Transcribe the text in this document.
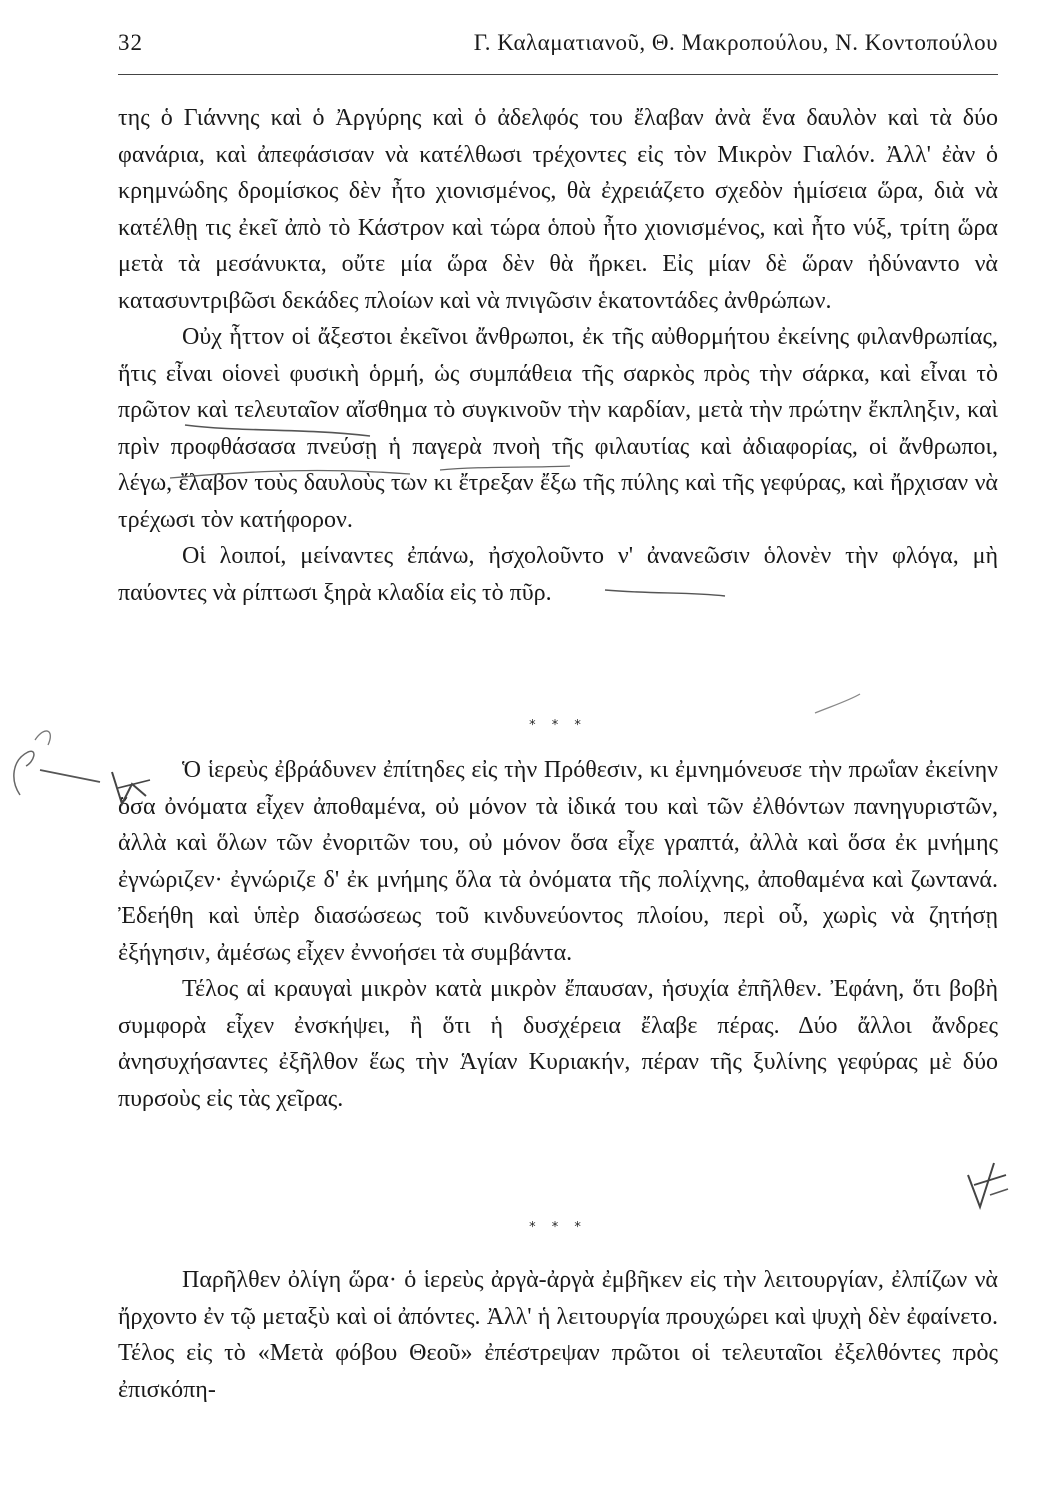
32	Γ. Καλαματιανοῦ, Θ. Μακροπούλου, Ν. Κοντοπούλου

της ὁ Γιάννης καὶ ὁ Ἀργύρης καὶ ὁ ἀδελφός του ἔλαβαν ἀνὰ ἕνα δαυλὸν καὶ τὰ δύο φανάρια, καὶ ἀπεφάσισαν νὰ κατέλθωσι τρέχοντες εἰς τὸν Μικρὸν Γιαλόν. Ἀλλ' ἐὰν ὁ κρημνώδης δρομίσκος δὲν ἦτο χιονισμένος, θὰ ἐχρειάζετο σχεδὸν ἡμίσεια ὥρα, διὰ νὰ κατέλθῃ τις ἐκεῖ ἀπὸ τὸ Κάστρον καὶ τώρα ὁποὺ ἦτο χιονισμένος, καὶ ἦτο νύξ, τρίτη ὥρα μετὰ τὰ μεσάνυκτα, οὔτε μία ὥρα δὲν θὰ ἤρκει. Εἰς μίαν δὲ ὥραν ἠδύναντο νὰ κατασυντριβῶσι δεκάδες πλοίων καὶ νὰ πνιγῶσιν ἑκατοντάδες ἀνθρώπων.

Οὐχ ἧττον οἱ ἄξεστοι ἐκεῖνοι ἄνθρωποι, ἐκ τῆς αὐθορμήτου ἐκείνης φιλανθρωπίας, ἥτις εἶναι οἱονεὶ φυσικὴ ὁρμή, ὡς συμπάθεια τῆς σαρκὸς πρὸς τὴν σάρκα, καὶ εἶναι τὸ πρῶτον καὶ τελευταῖον αἴσθημα τὸ συγκινοῦν τὴν καρδίαν, μετὰ τὴν πρώτην ἔκπληξιν, καὶ πρὶν προφθάσασα πνεύσῃ ἡ παγερὰ πνοὴ τῆς φιλαυτίας καὶ ἀδιαφορίας, οἱ ἄνθρωποι, λέγω, ἔλαβον τοὺς δαυλοὺς των κι ἔτρεξαν ἔξω τῆς πύλης καὶ τῆς γεφύρας, καὶ ἤρχισαν νὰ τρέχωσι τὸν κατήφορον.

Οἱ λοιποί, μείναντες ἐπάνω, ἠσχολοῦντο ν' ἀνανεῶσιν ὁλονὲν τὴν φλόγα, μὴ παύοντες νὰ ρίπτωσι ξηρὰ κλαδία εἰς τὸ πῦρ.

* * *

Ὁ ἱερεὺς ἐβράδυνεν ἐπίτηδες εἰς τὴν Πρόθεσιν, κι ἐμνημόνευσε τὴν πρωΐαν ἐκείνην ὅσα ὀνόματα εἶχεν ἀποθαμένα, οὐ μόνον τὰ ἰδικά του καὶ τῶν ἐλθόντων πανηγυριστῶν, ἀλλὰ καὶ ὅλων τῶν ἐνοριτῶν του, οὐ μόνον ὅσα εἶχε γραπτά, ἀλλὰ καὶ ὅσα ἐκ μνήμης ἐγνώριζεν· ἐγνώριζε δ' ἐκ μνήμης ὅλα τὰ ὀνόματα τῆς πολίχνης, ἀποθαμένα καὶ ζωντανά. Ἐδεήθη καὶ ὑπὲρ διασώσεως τοῦ κινδυνεύοντος πλοίου, περὶ οὗ, χωρὶς νὰ ζητήσῃ ἐξήγησιν, ἀμέσως εἶχεν ἐννοήσει τὰ συμβάντα.

Τέλος αἱ κραυγαὶ μικρὸν κατὰ μικρὸν ἔπαυσαν, ἡσυχία ἐπῆλθεν. Ἐφάνη, ὅτι βοβὴ συμφορὰ εἶχεν ἐνσκήψει, ἢ ὅτι ἡ δυσχέρεια ἔλαβε πέρας. Δύο ἄλλοι ἄνδρες ἀνησυχήσαντες ἐξῆλθον ἕως τὴν Ἁγίαν Κυριακήν, πέραν τῆς ξυλίνης γεφύρας μὲ δύο πυρσοὺς εἰς τὰς χεῖρας.

* * *

Παρῆλθεν ὀλίγη ὥρα· ὁ ἱερεὺς ἀργὰ-ἀργὰ ἐμβῆκεν εἰς τὴν λειτουργίαν, ἐλπίζων νὰ ἤρχοντο ἐν τῷ μεταξὺ καὶ οἱ ἀπόντες. Ἀλλ' ἡ λειτουργία προυχώρει καὶ ψυχὴ δὲν ἐφαίνετο. Τέλος εἰς τὸ «Μετὰ φόβου Θεοῦ» ἐπέστρεψαν πρῶτοι οἱ τελευταῖοι ἐξελθόντες πρὸς ἐπισκόπη-
